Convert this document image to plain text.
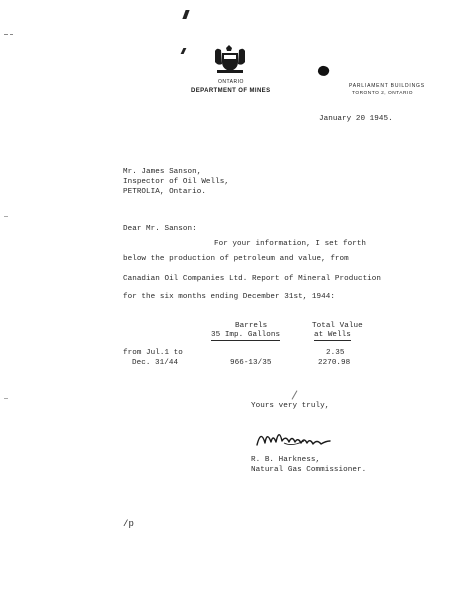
ONTARIO
DEPARTMENT OF MINES
PARLIAMENT BUILDINGS
TORONTO 2, ONTARIO
January 20 1945.
Mr. James Sanson,
Inspector of Oil Wells,
PETROLIA, Ontario.
Dear Mr. Sanson:
For your information, I set forth
below the production of petroleum and value, from
Canadian Oil Companies Ltd. Report of Mineral Production
for the six months ending December 31st, 1944:
Barrels
35 Imp. Gallons
Total Value
at Wells
from Jul.1 to
Dec. 31/44	966-13/35
2.35
2270.98
Yours very truly,
R. B. Harkness,
Natural Gas Commissioner.
/p
